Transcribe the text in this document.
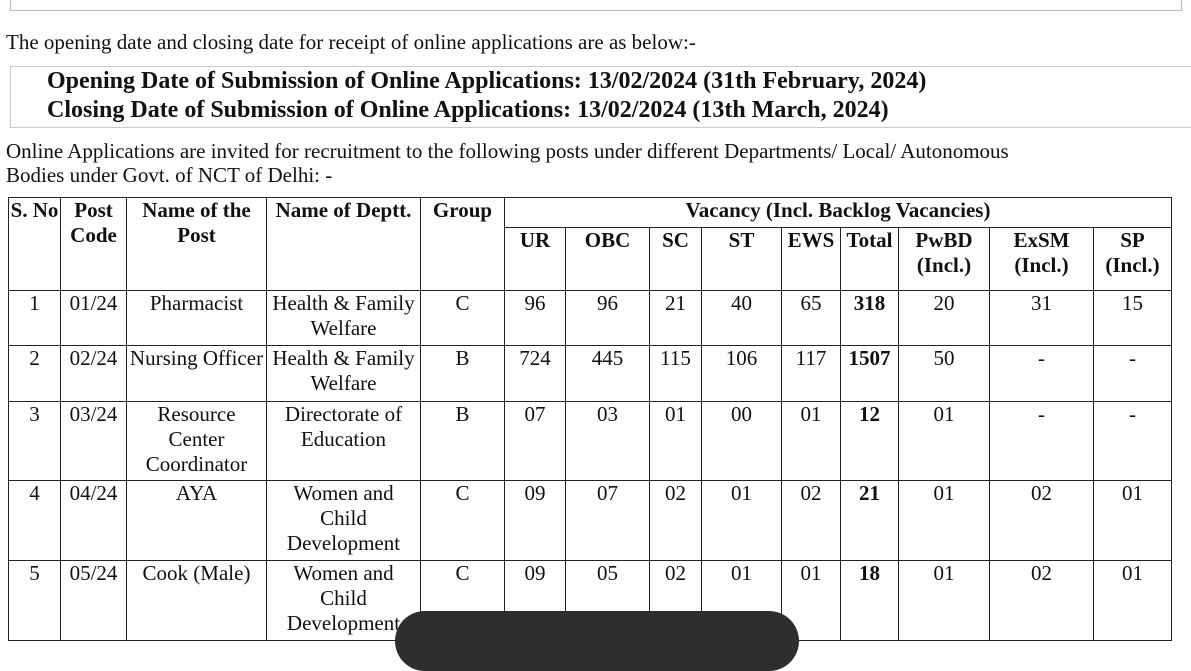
The opening date and closing date for receipt of online applications are as below:-
Opening Date of Submission of Online Applications: 13/02/2024 (31th February, 2024)
Closing Date of Submission of Online Applications: 13/02/2024 (13th March, 2024)
Online Applications are invited for recruitment to the following posts under different Departments/ Local/ Autonomous
Bodies under Govt. of NCT of Delhi: -
S. No	Post Code	Name of the Post	Name of Deptt.	Group	Vacancy (Incl. Backlog Vacancies)								
					UR	OBC	SC	ST	EWS	Total	PwBD (Incl.)	ExSM (Incl.)	SP (Incl.)
1	01/24	Pharmacist	Health & Family Welfare	C	96	96	21	40	65	318	20	31	15
2	02/24	Nursing Officer	Health & Family Welfare	B	724	445	115	106	117	1507	50	-	-
3	03/24	Resource Center Coordinator	Directorate of Education	B	07	03	01	00	01	12	01	-	-
4	04/24	AYA	Women and Child Development	C	09	07	02	01	02	21	01	02	01
5	05/24	Cook (Male)	Women and Child Development	C	09	05	02	01	01	18	01	02	01
